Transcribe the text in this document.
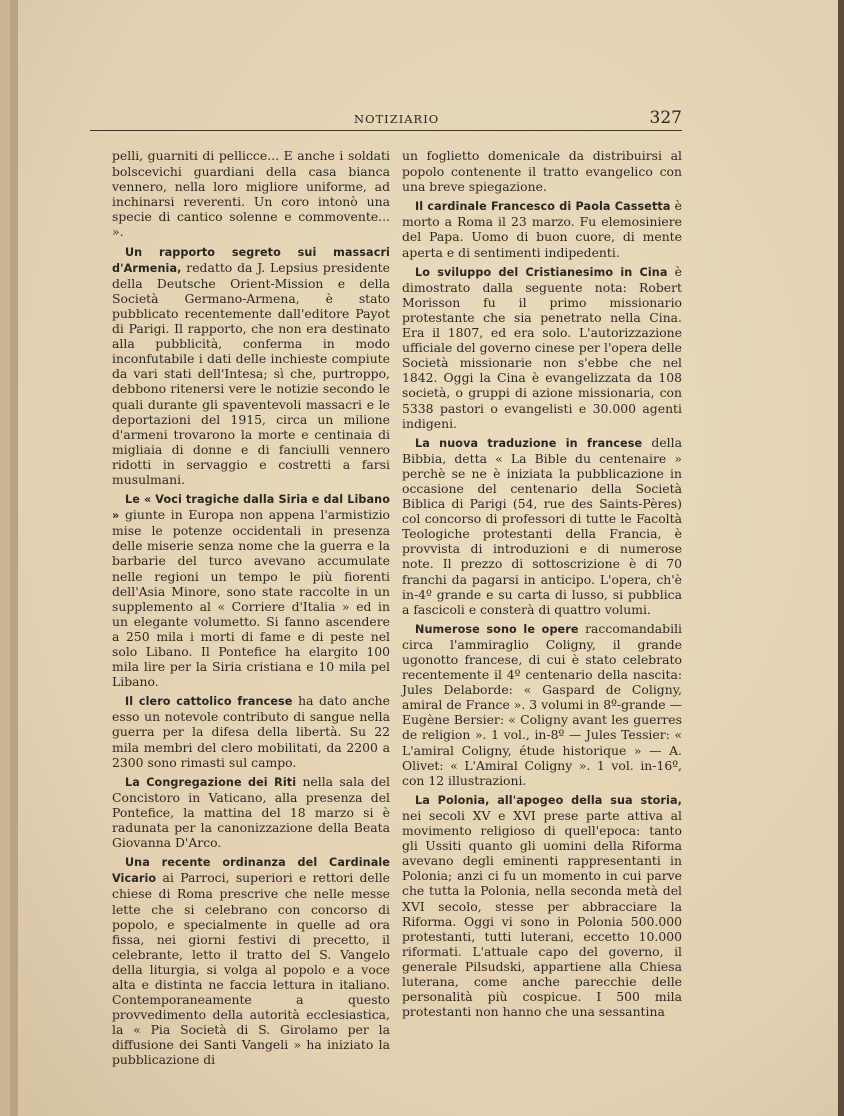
NOTIZIARIO	327

pelli, guarniti di pellicce... E anche i soldati bolscevichi guardiani della casa bianca vennero, nella loro migliore uniforme, ad inchinarsi reverenti. Un coro intonò una specie di cantico solenne e commovente... ».

Un rapporto segreto sui massacri d'Armenia, redatto da J. Lepsius presidente della Deutsche Orient-Mission e della Società Germano-Armena, è stato pubblicato recentemente dall'editore Payot di Parigi. Il rapporto, che non era destinato alla pubblicità, conferma in modo inconfutabile i dati delle inchieste compiute da vari stati dell'Intesa; sì che, purtroppo, debbono ritenersi vere le notizie secondo le quali durante gli spaventevoli massacri e le deportazioni del 1915, circa un milione d'armeni trovarono la morte e centinaia di migliaia di donne e di fanciulli vennero ridotti in servaggio e costretti a farsi musulmani.

Le « Voci tragiche dalla Siria e dal Libano » giunte in Europa non appena l'armistizio mise le potenze occidentali in presenza delle miserie senza nome che la guerra e la barbarie del turco avevano accumulate nelle regioni un tempo le più fiorenti dell'Asia Minore, sono state raccolte in un supplemento al « Corriere d'Italia » ed in un elegante volumetto. Si fanno ascendere a 250 mila i morti di fame e di peste nel solo Libano. Il Pontefice ha elargito 100 mila lire per la Siria cristiana e 10 mila pel Libano.

Il clero cattolico francese ha dato anche esso un notevole contributo di sangue nella guerra per la difesa della libertà. Su 22 mila membri del clero mobilitati, da 2200 a 2300 sono rimasti sul campo.

La Congregazione dei Riti nella sala del Concistoro in Vaticano, alla presenza del Pontefice, la mattina del 18 marzo si è radunata per la canonizzazione della Beata Giovanna D'Arco.

Una recente ordinanza del Cardinale Vicario ai Parroci, superiori e rettori delle chiese di Roma prescrive che nelle messe lette che si celebrano con concorso di popolo, e specialmente in quelle ad ora fissa, nei giorni festivi di precetto, il celebrante, letto il tratto del S. Vangelo della liturgia, si volga al popolo e a voce alta e distinta ne faccia lettura in italiano. Contemporaneamente a questo provvedimento della autorità ecclesiastica, la « Pia Società di S. Girolamo per la diffusione dei Santi Vangeli » ha iniziato la pubblicazione di

un foglietto domenicale da distribuirsi al popolo contenente il tratto evangelico con una breve spiegazione.

Il cardinale Francesco di Paola Cassetta è morto a Roma il 23 marzo. Fu elemosiniere del Papa. Uomo di buon cuore, di mente aperta e di sentimenti indipedenti.

Lo sviluppo del Cristianesimo in Cina è dimostrato dalla seguente nota: Robert Morisson fu il primo missionario protestante che sia penetrato nella Cina. Era il 1807, ed era solo. L'autorizzazione ufficiale del governo cinese per l'opera delle Società missionarie non s'ebbe che nel 1842. Oggi la Cina è evangelizzata da 108 società, o gruppi di azione missionaria, con 5338 pastori o evangelisti e 30.000 agenti indigeni.

La nuova traduzione in francese della Bibbia, detta « La Bible du centenaire » perchè se ne è iniziata la pubblicazione in occasione del centenario della Società Biblica di Parigi (54, rue des Saints-Pères) col concorso di professori di tutte le Facoltà Teologiche protestanti della Francia, è provvista di introduzioni e di numerose note. Il prezzo di sottoscrizione è di 70 franchi da pagarsi in anticipo. L'opera, ch'è in-4º grande e su carta di lusso, si pubblica a fascicoli e consterà di quattro volumi.

Numerose sono le opere raccomandabili circa l'ammiraglio Coligny, il grande ugonotto francese, di cui è stato celebrato recentemente il 4º centenario della nascita: Jules Delaborde: « Gaspard de Coligny, amiral de France ». 3 volumi in 8º-grande — Eugène Bersier: « Coligny avant les guerres de religion ». 1 vol., in-8º — Jules Tessier: « L'amiral Coligny, étude historique » — A. Olivet: « L'Amiral Coligny ». 1 vol. in-16º, con 12 illustrazioni.

La Polonia, all'apogeo della sua storia, nei secoli XV e XVI prese parte attiva al movimento religioso di quell'epoca: tanto gli Ussiti quanto gli uomini della Riforma avevano degli eminenti rappresentanti in Polonia; anzi ci fu un momento in cui parve che tutta la Polonia, nella seconda metà del XVI secolo, stesse per abbracciare la Riforma. Oggi vi sono in Polonia 500.000 protestanti, tutti luterani, eccetto 10.000 riformati. L'attuale capo del governo, il generale Pilsudski, appartiene alla Chiesa luterana, come anche parecchie delle personalità più cospicue. I 500 mila protestanti non hanno che una sessantina
